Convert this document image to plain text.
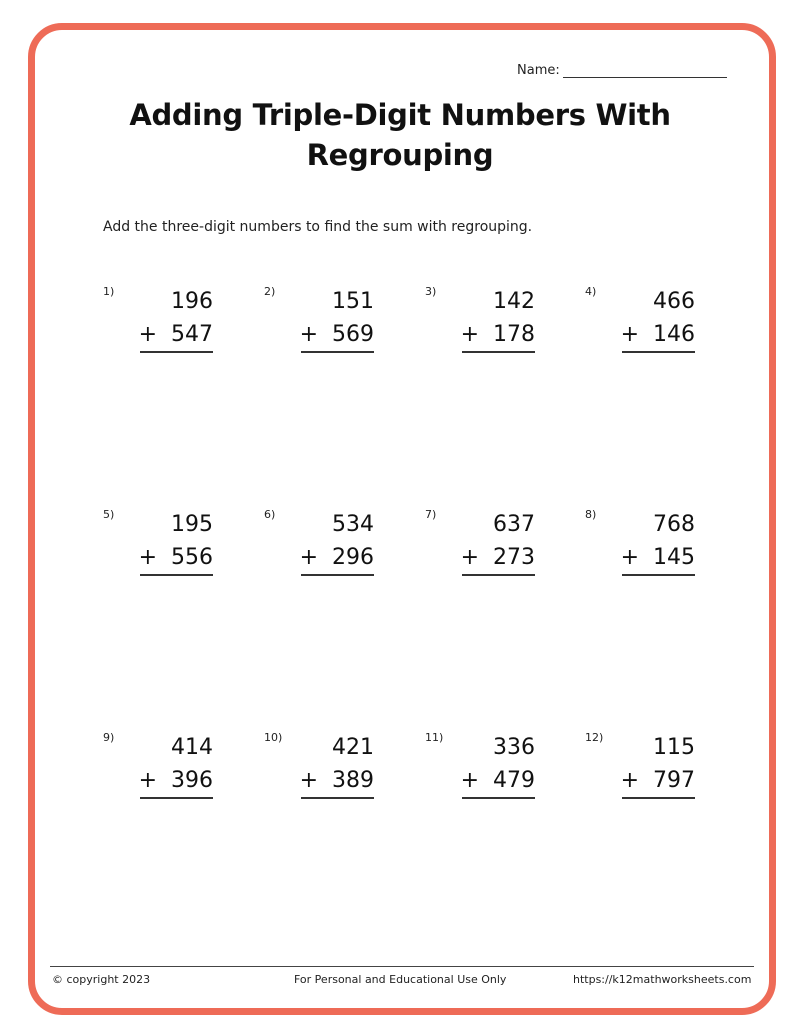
Name:
Adding Triple-Digit Numbers With Regrouping
Add the three-digit numbers to find the sum with regrouping.
1)	196
+  547
2)	151
+  569
3)	142
+  178
4)	466
+  146
5)	195
+  556
6)	534
+  296
7)	637
+  273
8)	768
+  145
9)	414
+  396
10) 421
+  389
11) 336
+  479
12) 115
+  797
© copyright 2023	For Personal and Educational Use Only	https://k12mathworksheets.com
